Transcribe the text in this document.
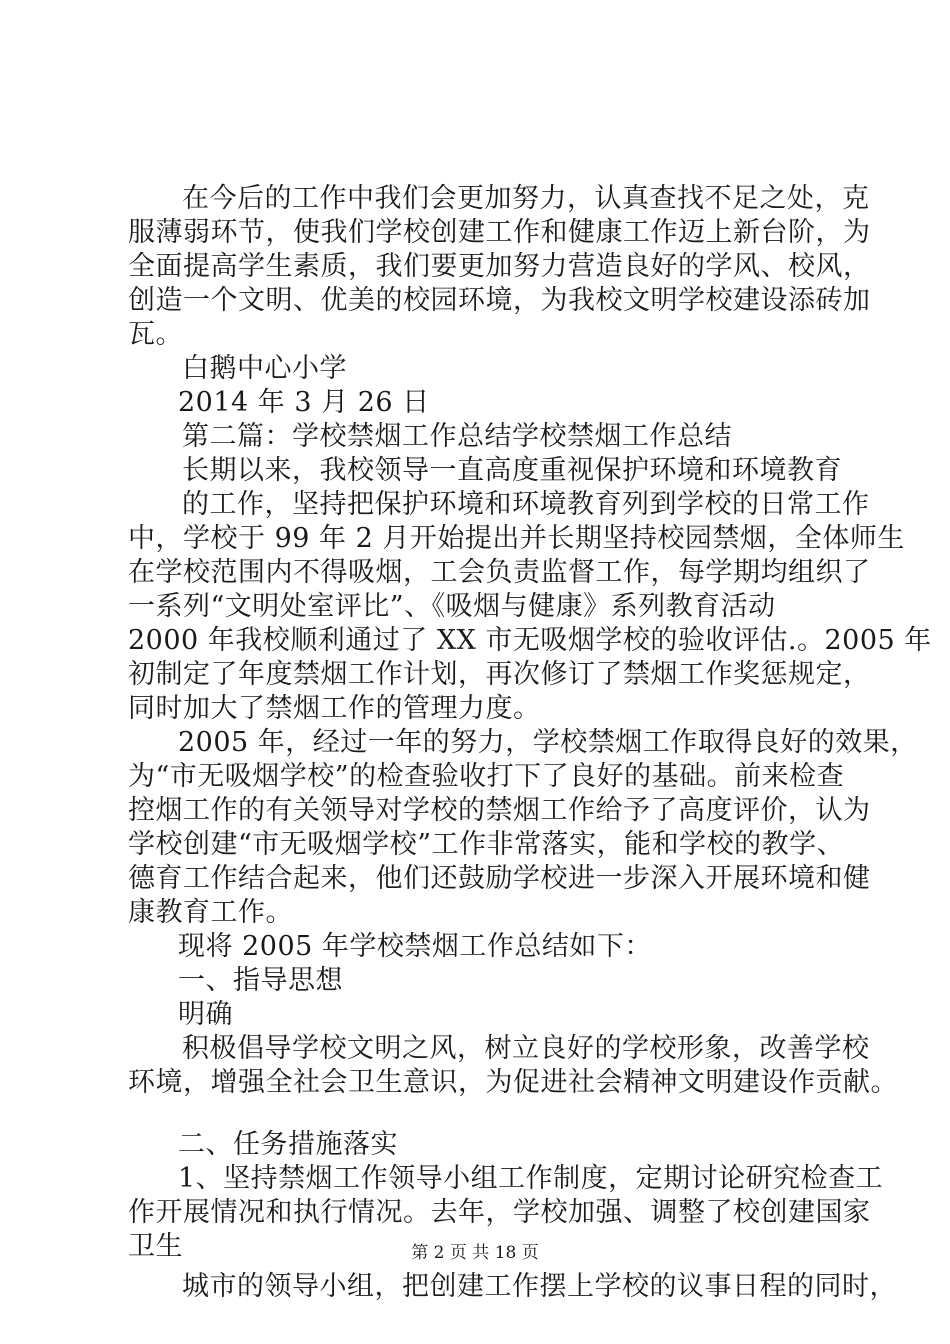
在今后的工作中我们会更加努力，认真查找不足之处，克
服薄弱环节，使我们学校创建工作和健康工作迈上新台阶，为
全面提高学生素质，我们要更加努力营造良好的学风、校风，
创造一个文明、优美的校园环境，为我校文明学校建设添砖加
瓦。
白鹅中心小学
2014 年 3 月 26 日
第二篇：学校禁烟工作总结学校禁烟工作总结
长期以来，我校领导一直高度重视保护环境和环境教育
的工作，坚持把保护环境和环境教育列到学校的日常工作
中，学校于 99 年 2 月开始提出并长期坚持校园禁烟，全体师生
在学校范围内不得吸烟，工会负责监督工作，每学期均组织了
一系列“文明处室评比”、《吸烟与健康》系列教育活动
2000 年我校顺利通过了 XX 市无吸烟学校的验收评估.。2005 年
初制定了年度禁烟工作计划，再次修订了禁烟工作奖惩规定，
同时加大了禁烟工作的管理力度。
2005 年，经过一年的努力，学校禁烟工作取得良好的效果，
为“市无吸烟学校”的检查验收打下了良好的基础。前来检查
控烟工作的有关领导对学校的禁烟工作给予了高度评价，认为
学校创建“市无吸烟学校”工作非常落实，能和学校的教学、
德育工作结合起来，他们还鼓励学校进一步深入开展环境和健
康教育工作。
现将 2005 年学校禁烟工作总结如下：
一、指导思想
明确
积极倡导学校文明之风，树立良好的学校形象，改善学校
环境，增强全社会卫生意识，为促进社会精神文明建设作贡献。
二、任务措施落实
1、坚持禁烟工作领导小组工作制度，定期讨论研究检查工
作开展情况和执行情况。去年，学校加强、调整了校创建国家
卫生
城市的领导小组，把创建工作摆上学校的议事日程的同时，
第 2 页 共 18 页
